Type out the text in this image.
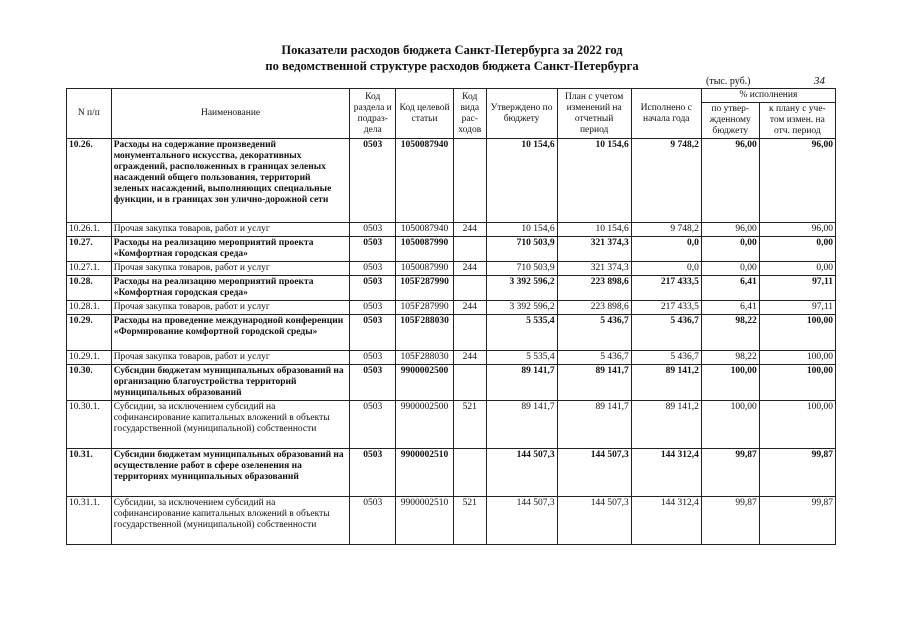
Показатели расходов бюджета Санкт-Петербурга за 2022 год
по ведомственной структуре расходов бюджета Санкт-Петербурга
(тыс. руб.)	34
N п/п	Наименование	Код раздела и подраз-дела	Код целевой статьи	Код вида рас-ходов	Утверждено по бюджету	План с учетом изменений на отчетный период	Исполнено с начала года	% исполнения	
								по утвер-жденному бюджету	к плану с уче-том измен. на отч. период
10.26.	Расходы на содержание произведений монументального искусства, декоративных ограждений, расположенных в границах зеленых насаждений общего пользования, территорий зеленых насаждений, выполняющих специальные функции, и в границах зон улично-дорожной сети	0503	1050087940		10 154,6	10 154,6	9 748,2	96,00	96,00
10.26.1.	Прочая закупка товаров, работ и услуг	0503	1050087940	244	10 154,6	10 154,6	9 748,2	96,00	96,00
10.27.	Расходы на реализацию мероприятий проекта «Комфортная городская среда»	0503	1050087990		710 503,9	321 374,3	0,0	0,00	0,00
10.27.1.	Прочая закупка товаров, работ и услуг	0503	1050087990	244	710 503,9	321 374,3	0,0	0,00	0,00
10.28.	Расходы на реализацию мероприятий проекта «Комфортная городская среда»	0503	105F287990		3 392 596,2	223 898,6	217 433,5	6,41	97,11
10.28.1.	Прочая закупка товаров, работ и услуг	0503	105F287990	244	3 392 596,2	223 898,6	217 433,5	6,41	97,11
10.29.	Расходы на проведение международной конференции «Формирование комфортной городской среды»	0503	105F288030		5 535,4	5 436,7	5 436,7	98,22	100,00
10.29.1.	Прочая закупка товаров, работ и услуг	0503	105F288030	244	5 535,4	5 436,7	5 436,7	98,22	100,00
10.30.	Субсидии бюджетам муниципальных образований на организацию благоустройства территорий муниципальных образований	0503	9900002500		89 141,7	89 141,7	89 141,2	100,00	100,00
10.30.1.	Субсидии, за исключением субсидий на софинансирование капитальных вложений в объекты государственной (муниципальной) собственности	0503	9900002500	521	89 141,7	89 141,7	89 141,2	100,00	100,00
10.31.	Субсидии бюджетам муниципальных образований на осуществление работ в сфере озеленения на территориях муниципальных образований	0503	9900002510		144 507,3	144 507,3	144 312,4	99,87	99,87
10.31.1.	Субсидии, за исключением субсидий на софинансирование капитальных вложений в объекты государственной (муниципальной) собственности	0503	9900002510	521	144 507,3	144 507,3	144 312,4	99,87	99,87
